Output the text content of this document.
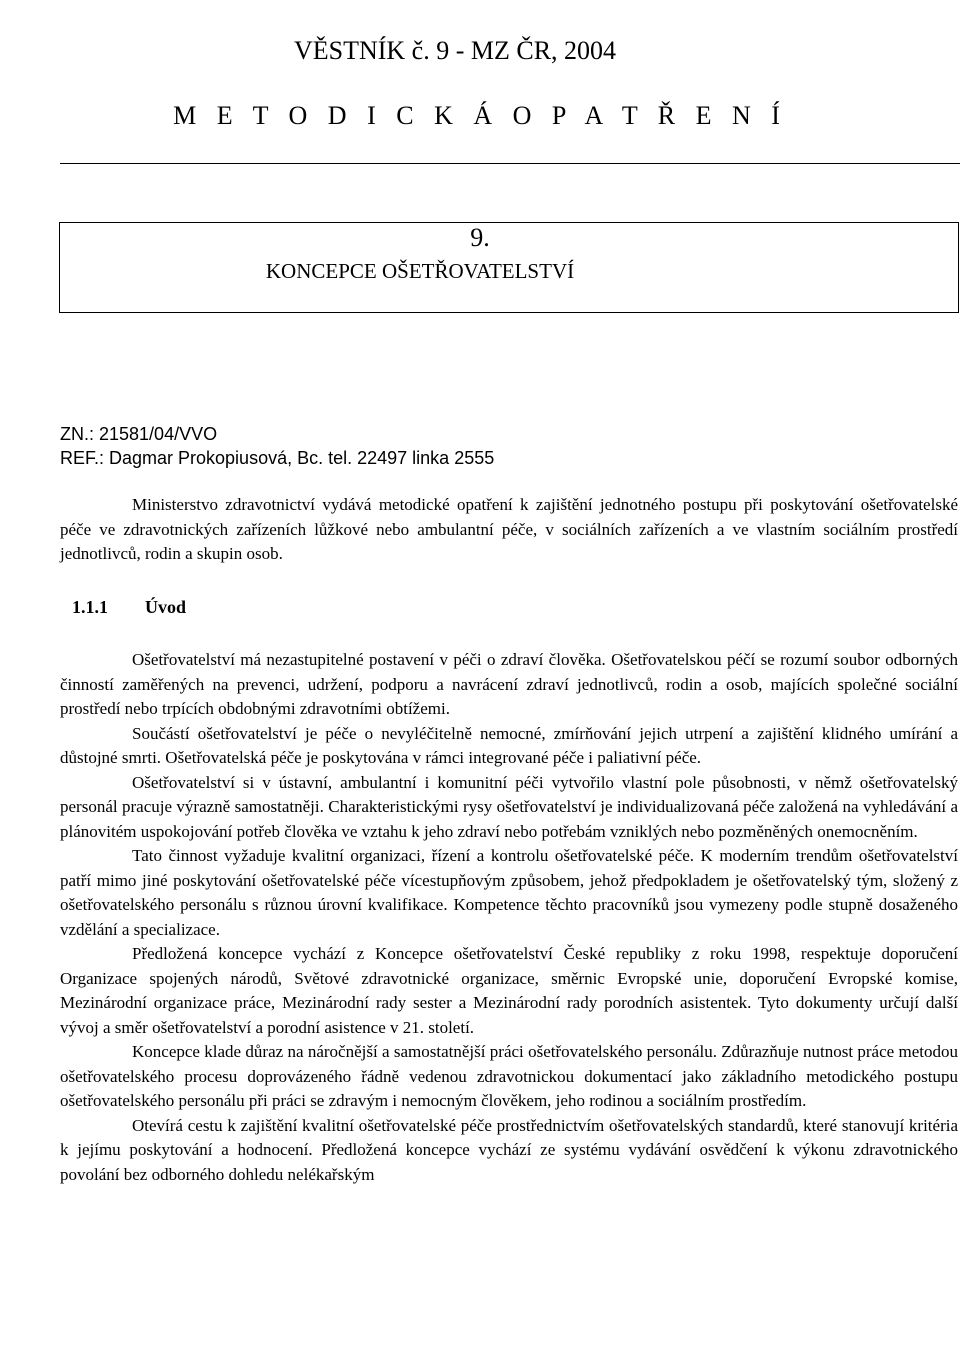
VĚSTNÍK č. 9 - MZ ČR, 2004
M E T O D I C K Á O P A T Ř E N Í
9.
KONCEPCE OŠETŘOVATELSTVÍ
ZN.: 21581/04/VVO
REF.: Dagmar Prokopiusová, Bc. tel. 22497 linka 2555

Ministerstvo zdravotnictví vydává metodické opatření k zajištění jednotného postupu při poskytování ošetřovatelské péče ve zdravotnických zařízeních lůžkové nebo ambulantní péče, v sociálních zařízeních a ve vlastním sociálním prostředí jednotlivců, rodin a skupin osob.

1.1.1 Úvod

Ošetřovatelství má nezastupitelné postavení v péči o zdraví člověka. Ošetřovatelskou péčí se rozumí soubor odborných činností zaměřených na prevenci, udržení, podporu a navrácení zdraví jednotlivců, rodin a osob, majících společné sociální prostředí nebo trpících obdobnými zdravotními obtížemi.

Součástí ošetřovatelství je péče o nevyléčitelně nemocné, zmírňování jejich utrpení a zajištění klidného umírání a důstojné smrti. Ošetřovatelská péče je poskytována v rámci integrované péče i paliativní péče.

Ošetřovatelství si v ústavní, ambulantní i komunitní péči vytvořilo vlastní pole působnosti, v němž ošetřovatelský personál pracuje výrazně samostatněji. Charakteristickými rysy ošetřovatelství je individualizovaná péče založená na vyhledávání a plánovitém uspokojování potřeb člověka ve vztahu k jeho zdraví nebo potřebám vzniklých nebo pozměněných onemocněním.

Tato činnost vyžaduje kvalitní organizaci, řízení a kontrolu ošetřovatelské péče. K moderním trendům ošetřovatelství patří mimo jiné poskytování ošetřovatelské péče vícestupňovým způsobem, jehož předpokladem je ošetřovatelský tým, složený z ošetřovatelského personálu s různou úrovní kvalifikace. Kompetence těchto pracovníků jsou vymezeny podle stupně dosaženého vzdělání a specializace.

Předložená koncepce vychází z Koncepce ošetřovatelství České republiky z roku 1998, respektuje doporučení Organizace spojených národů, Světové zdravotnické organizace, směrnic Evropské unie, doporučení Evropské komise, Mezinárodní organizace práce, Mezinárodní rady sester a Mezinárodní rady porodních asistentek. Tyto dokumenty určují další vývoj a směr ošetřovatelství a porodní asistence v 21. století.

Koncepce klade důraz na náročnější a samostatnější práci ošetřovatelského personálu. Zdůrazňuje nutnost práce metodou ošetřovatelského procesu doprovázeného řádně vedenou zdravotnickou dokumentací jako základního metodického postupu ošetřovatelského personálu při práci se zdravým i nemocným člověkem, jeho rodinou a sociálním prostředím.

Otevírá cestu k zajištění kvalitní ošetřovatelské péče prostřednictvím ošetřovatelských standardů, které stanovují kritéria k jejímu poskytování a hodnocení. Předložená koncepce vychází ze systému vydávání osvědčení k výkonu zdravotnického povolání bez odborného dohledu nelékařským
